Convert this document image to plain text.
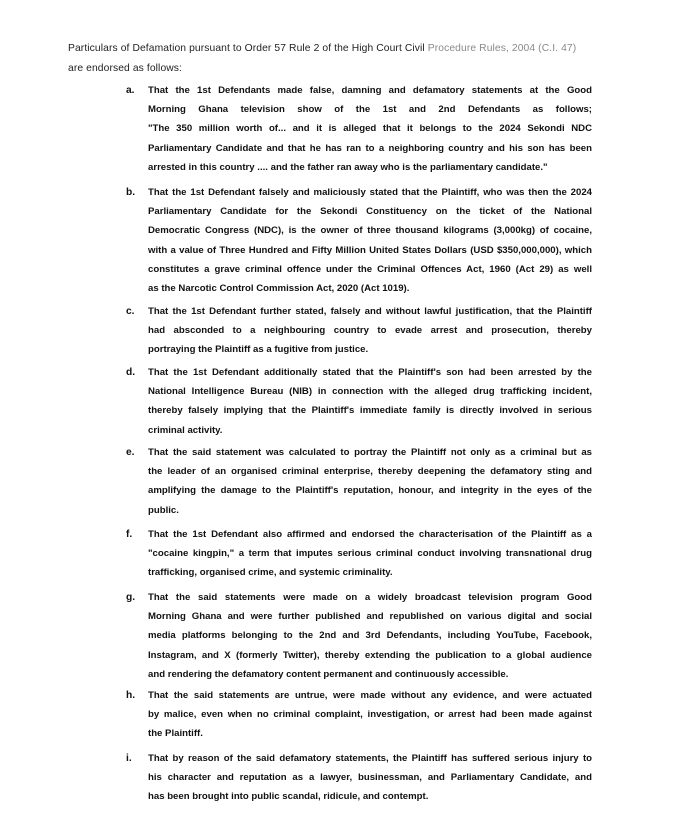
Particulars of Defamation pursuant to Order 57 Rule 2 of the High Court Civil Procedure Rules, 2004 (C.I. 47)
are endorsed as follows:
a. That the 1st Defendants made false, damning and defamatory statements at the Good
Morning Ghana television show of the 1st and 2nd Defendants as follows;
"The 350 million worth of... and it is alleged that it belongs to the 2024 Sekondi NDC
Parliamentary Candidate and that he has ran to a neighboring country and his son has been
arrested in this country .... and the father ran away who is the parliamentary candidate."
b. That the 1st Defendant falsely and maliciously stated that the Plaintiff, who was then the 2024
Parliamentary Candidate for the Sekondi Constituency on the ticket of the National
Democratic Congress (NDC), is the owner of three thousand kilograms (3,000kg) of cocaine,
with a value of Three Hundred and Fifty Million United States Dollars (USD $350,000,000), which
constitutes a grave criminal offence under the Criminal Offences Act, 1960 (Act 29) as well
as the Narcotic Control Commission Act, 2020 (Act 1019).
c. That the 1st Defendant further stated, falsely and without lawful justification, that the Plaintiff
had absconded to a neighbouring country to evade arrest and prosecution, thereby
portraying the Plaintiff as a fugitive from justice.
d. That the 1st Defendant additionally stated that the Plaintiff's son had been arrested by the
National Intelligence Bureau (NIB) in connection with the alleged drug trafficking incident,
thereby falsely implying that the Plaintiff's immediate family is directly involved in serious
criminal activity.
e. That the said statement was calculated to portray the Plaintiff not only as a criminal but as
the leader of an organised criminal enterprise, thereby deepening the defamatory sting and
amplifying the damage to the Plaintiff's reputation, honour, and integrity in the eyes of the
public.
f. That the 1st Defendant also affirmed and endorsed the characterisation of the Plaintiff as a
"cocaine kingpin," a term that imputes serious criminal conduct involving transnational drug
trafficking, organised crime, and systemic criminality.
g. That the said statements were made on a widely broadcast television program Good
Morning Ghana and were further published and republished on various digital and social
media platforms belonging to the 2nd and 3rd Defendants, including YouTube, Facebook,
Instagram, and X (formerly Twitter), thereby extending the publication to a global audience
and rendering the defamatory content permanent and continuously accessible.
h. That the said statements are untrue, were made without any evidence, and were actuated
by malice, even when no criminal complaint, investigation, or arrest had been made against
the Plaintiff.
i. That by reason of the said defamatory statements, the Plaintiff has suffered serious injury to
his character and reputation as a lawyer, businessman, and Parliamentary Candidate, and
has been brought into public scandal, ridicule, and contempt.
